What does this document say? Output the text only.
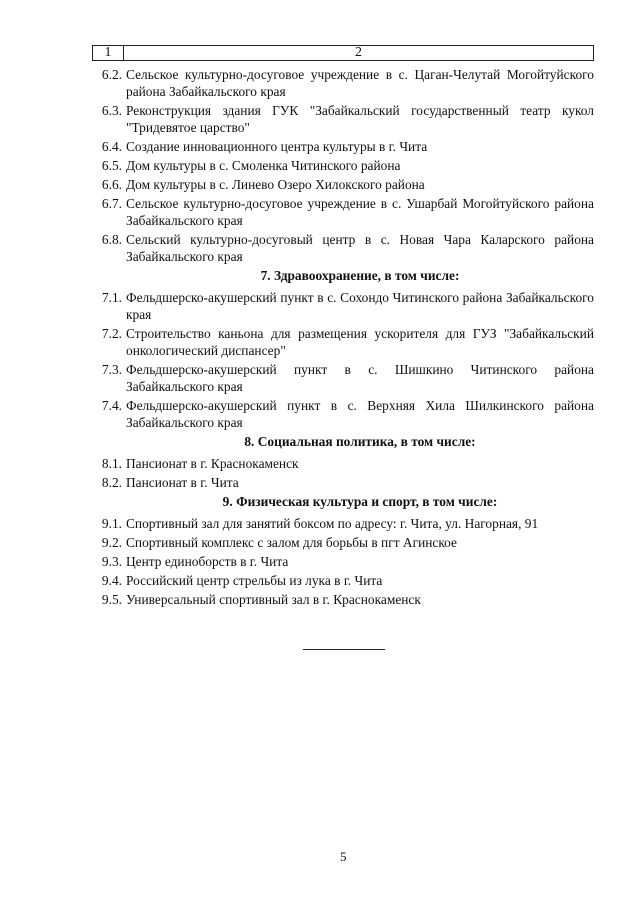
1	2
6.2. Сельское культурно-досуговое учреждение в с. Цаган-Челутай Могойтуйского района Забайкальского края
6.3. Реконструкция здания ГУК "Забайкальский государственный театр кукол "Тридевятое царство"
6.4. Создание инновационного центра культуры в г. Чита
6.5. Дом культуры в с. Смоленка Читинского района
6.6. Дом культуры в с. Линево Озеро Хилокского района
6.7. Сельское культурно-досуговое учреждение в с. Ушарбай Могойтуйского района Забайкальского края
6.8. Сельский культурно-досуговый центр в с. Новая Чара Каларского района Забайкальского края
7. Здравоохранение, в том числе:
7.1. Фельдшерско-акушерский пункт в с. Сохондо Читинского района Забайкальского края
7.2. Строительство каньона для размещения ускорителя для ГУЗ "Забайкальский онкологический диспансер"
7.3. Фельдшерско-акушерский пункт в с. Шишкино Читинского района Забайкальского края
7.4. Фельдшерско-акушерский пункт в с. Верхняя Хила Шилкинского района Забайкальского края
8. Социальная политика, в том числе:
8.1. Пансионат в г. Краснокаменск
8.2. Пансионат в г. Чита
9. Физическая культура и спорт, в том числе:
9.1. Спортивный зал для занятий боксом по адресу: г. Чита, ул. Нагорная, 91
9.2. Спортивный комплекс с залом для борьбы в пгт Агинское
9.3. Центр единоборств в г. Чита
9.4. Российский центр стрельбы из лука в г. Чита
9.5. Универсальный спортивный зал в г. Краснокаменск
5
